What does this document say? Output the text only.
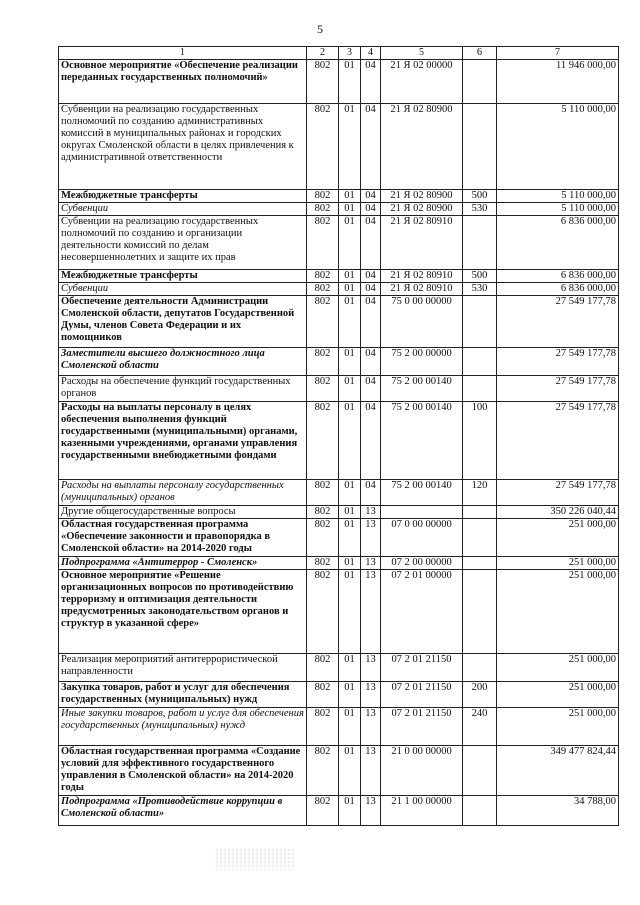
5
1	2	3	4	5	6	7
Основное мероприятие «Обеспечение реализации переданных государственных полномочий»	802	01	04	21 Я 02 00000		11 946 000,00
Субвенции на реализацию государственных полномочий по созданию административных комиссий в муниципальных районах и городских округах Смоленской области в целях привлечения к административной ответственности	802	01	04	21 Я 02 80900		5 110 000,00
Межбюджетные трансферты	802	01	04	21 Я 02 80900	500	5 110 000,00
Субвенции	802	01	04	21 Я 02 80900	530	5 110 000,00
Субвенции на реализацию государственных полномочий по созданию и организации деятельности комиссий по делам несовершеннолетних и защите их прав	802	01	04	21 Я 02 80910		6 836 000,00
Межбюджетные трансферты	802	01	04	21 Я 02 80910	500	6 836 000,00
Субвенции	802	01	04	21 Я 02 80910	530	6 836 000,00
Обеспечение деятельности Администрации Смоленской области, депутатов Государственной Думы, членов Совета Федерации и их помощников	802	01	04	75 0 00 00000		27 549 177,78
Заместители высшего должностного лица Смоленской области	802	01	04	75 2 00 00000		27 549 177,78
Расходы на обеспечение функций государственных органов	802	01	04	75 2 00 00140		27 549 177,78
Расходы на выплаты персоналу в целях обеспечения выполнения функций государственными (муниципальными) органами, казенными учреждениями, органами управления государственными внебюджетными фондами	802	01	04	75 2 00 00140	100	27 549 177,78
Расходы на выплаты персоналу государственных (муниципальных) органов	802	01	04	75 2 00 00140	120	27 549 177,78
Другие общегосударственные вопросы	802	01	13			350 226 040,44
Областная государственная программа «Обеспечение законности и правопорядка в Смоленской области» на 2014-2020 годы	802	01	13	07 0 00 00000		251 000,00
Подпрограмма «Антитеррор - Смоленск»	802	01	13	07 2 00 00000		251 000,00
Основное мероприятие «Решение организационных вопросов по противодействию терроризму и оптимизация деятельности предусмотренных законодательством органов и структур в указанной сфере»	802	01	13	07 2 01 00000		251 000,00
Реализация мероприятий антитеррористической направленности	802	01	13	07 2 01 21150		251 000,00
Закупка товаров, работ и услуг для обеспечения государственных (муниципальных) нужд	802	01	13	07 2 01 21150	200	251 000,00
Иные закупки товаров, работ и услуг для обеспечения государственных (муниципальных) нужд	802	01	13	07 2 01 21150	240	251 000,00
Областная государственная программа «Создание условий для эффективного государственного управления в Смоленской области» на 2014-2020 годы	802	01	13	21 0 00 00000		349 477 824,44
Подпрограмма «Противодействие коррупции в Смоленской области»	802	01	13	21 1 00 00000		34 788,00
